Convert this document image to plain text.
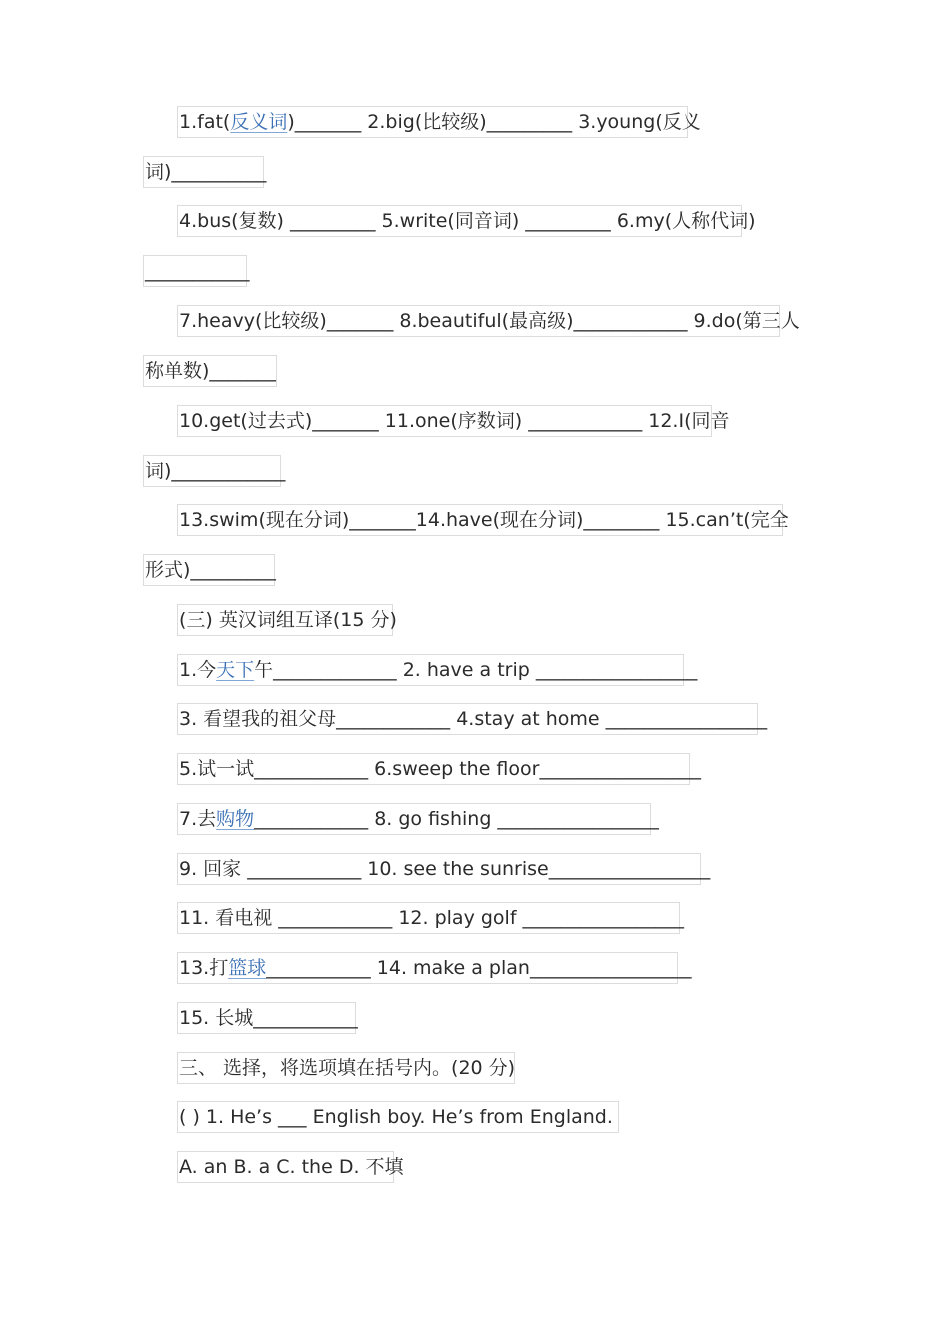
1.fat(反义词)_______ 2.big(比较级)_________ 3.young(反义
词)__________
4.bus(复数) _________ 5.write(同音词) _________ 6.my(人称代词)
___________
7.heavy(比较级)_______ 8.beautiful(最高级)____________ 9.do(第三人
称单数)_______
10.get(过去式)_______ 11.one(序数词) ____________ 12.I(同音
词)____________
13.swim(现在分词)_______14.have(现在分词)________ 15.can’t(完全
形式)_________
(三) 英汉词组互译(15 分)
1.今天下午_____________ 2. have a trip _________________
3. 看望我的祖父母____________ 4.stay at home _________________
5.试一试____________ 6.sweep the floor_________________
7.去购物____________ 8. go fishing _________________
9. 回家 ____________ 10. see the sunrise_________________
11. 看电视 ____________ 12. play golf _________________
13.打篮球___________ 14. make a plan_________________
15. 长城___________
三、 选择，将选项填在括号内。(20 分)
( ) 1. He’s ___ English boy. He’s from England.
A. an B. a C. the D. 不填
